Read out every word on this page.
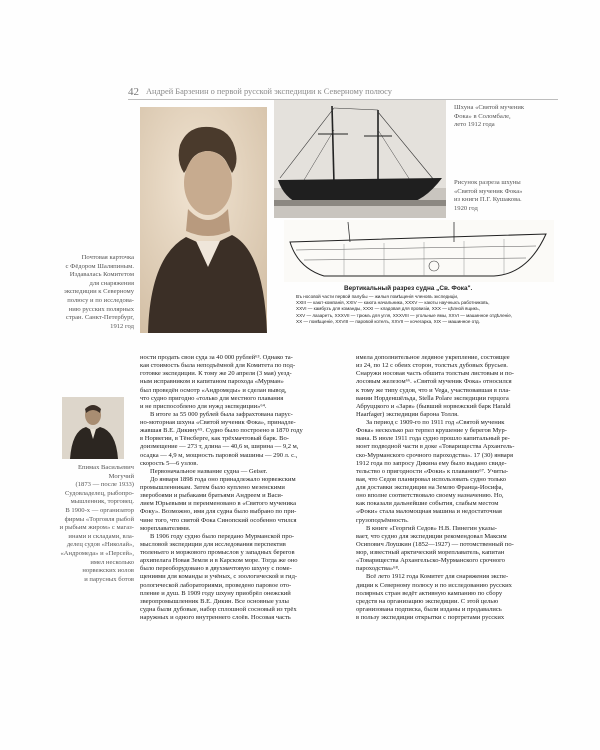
42 Андрей Барзенин о первой русской экспедиции к Северному полюсу
Почтовая карточка
с Фёдором Шаляпиным.
Издавалась Комитетом
для снаряжения
экспедиции к Северному
полюсу и по исследова-
нию русских полярных
стран. Санкт-Петербург,
1912 год
Шхуна «Святой мученик
Фока» в Соломбале,
лето 1912 года
Рисунок разреза шхуны
«Святой мученик Фока»
из книги П.Г. Кушакова.
1920 год
Вертикальный разрез судна „Св. Фока".
Въ носовой части первой палубы — жилыя помѣщенія членовъ экспедиціи,
XXIII — кают-компанія, XXIV — каюта начальника, XXXV — каюты научныхъ работниковъ,
XXVI — камбузъ для команды, XXXI — кладовая для провизіи, XXX — цѣпной ящикъ,
XXV — лазаретъ, XXXVII — трюмъ для угля, XXXVIII — угольные ямы, XXVI — машинное отдѣленіе,
XX — помѣщеніе, XXVIII — паровой котелъ, XXVII — кочегарка, XIX — машинное отд.
Епимах Васильевич
Могучий
(1873 — после 1933)
Судовладелец, рыбопро-
мышленник, торговец.
В 1900-х — организатор
фирмы «Торговля рыбой
и рыбьим жиром» с магаз-
инами и складами, вла-
делец судов «Николай»,
«Андромеда» и «Персей»,
имел несколько
норвежских иолов
и парусных ботов

ности продать свои суда за 40 000 рублей⁶³. Однако та-

кая стоимость была неподъёмной для Комитета по под-

готовке экспедиции. К тому же 20 апреля (3 мая) уезд-

ным исправником и капитаном парохода «Мурман»

был проведён осмотр «Андромеды» и сделан вывод,

что судно пригодно «только для местного плавания

и не приспособлено для нужд экспедиции»⁶⁴.

В итоге за 55 000 рублей была зафрахтована парус-

но-моторная шхуна «Святой мученик Фока», принадле-

жавшая В.Е. Дикину⁶⁵. Судно было построено в 1870 году

в Норвегии, в Тёнсберге, как трёхмачтовый барк. Во-

доизмещение — 273 т, длина — 40,6 м, ширина — 9,2 м,

осадка — 4,9 м, мощность паровой машины — 290 л. с.,

скорость 5—6 узлов.

Первоначальное название судна — Geiser.

До января 1898 года оно принадлежало норвежским

промышленникам. Затем было куплено мезенскими

зверобоями и рыбаками братьями Андреем и Васи-

лием Юрьевыми и переименовано в «Святого мученика

Фоку». Возможно, имя для судна было выбрано по при-

чине того, что святой Фока Синопский особенно чтился

мореплавателями.

В 1906 году судно было передано Мурманской про-

мысловой экспедиции для исследования перспектив

тюленьего и моржового промыслов у западных берегов

архипелага Новая Земля и в Карском море. Тогда же оно

было переоборудовано в двухмачтовую шхуну с поме-

щениями для команды и учёных, с зоологической и гид-

рологической лабораториями, проведено паровое ото-

пление и душ. В 1909 году шхуну приобрёл онежский

зверопромышленник В.Е. Дикин. Все основные узлы

судна были дубовые, набор сплошной сосновый из трёх

наружных и одного внутреннего слоёв. Носовая часть

имела дополнительное ледяное укрепление, состоящее

из 24, по 12 с обеих сторон, толстых дубовых брусьев.

Снаружи носовая часть обшита толстым листовым и по-

лосовым железом⁶⁶. «Святой мученик Фока» относился

к тому же типу судов, что и Vega, участвовавшая в пла-

вании Норденшёльда, Stella Polare экспедиции герцога

Абруццкого и «Заря» (бывший норвежский барк Harald

Haarfager) экспедиции барона Толля.

За период с 1909-го по 1911 год «Святой мученик

Фока» несколько раз терпел крушение у берегов Мур-

мана. В июле 1911 года судно прошло капитальный ре-

монт подводной части в доке «Товарищества Архангель-

ско-Мурманского срочного пароходства». 17 (30) января

1912 года по запросу Дикина ему было выдано свиде-

тельство о пригодности «Фоки» к плаванию⁶⁷. Учиты-

вая, что Седов планировал использовать судно только

для доставки экспедиции на Землю Франца-Иосифа,

оно вполне соответствовало своему назначению. Но,

как показали дальнейшие события, слабым местом

«Фоки» стала маломощная машина и недостаточная

грузоподъёмность.

В книге «Георгий Седов» Н.В. Пинегин указы-

вает, что судно для экспедиции рекомендовал Максим

Осипович Лоушкин (1852—1927) — потомственный по-

мор, известный арктический мореплаватель, капитан

«Товарищества Архангельско-Мурманского срочного

пароходства»⁶⁸.

Всё лето 1912 года Комитет для снаряжения экспе-

диции к Северному полюсу и по исследованию русских

полярных стран ведёт активную кампанию по сбору

средств на организацию экспедиции. С этой целью

организована подписка, были изданы и продавались

в пользу экспедиции открытки с портретами русских
